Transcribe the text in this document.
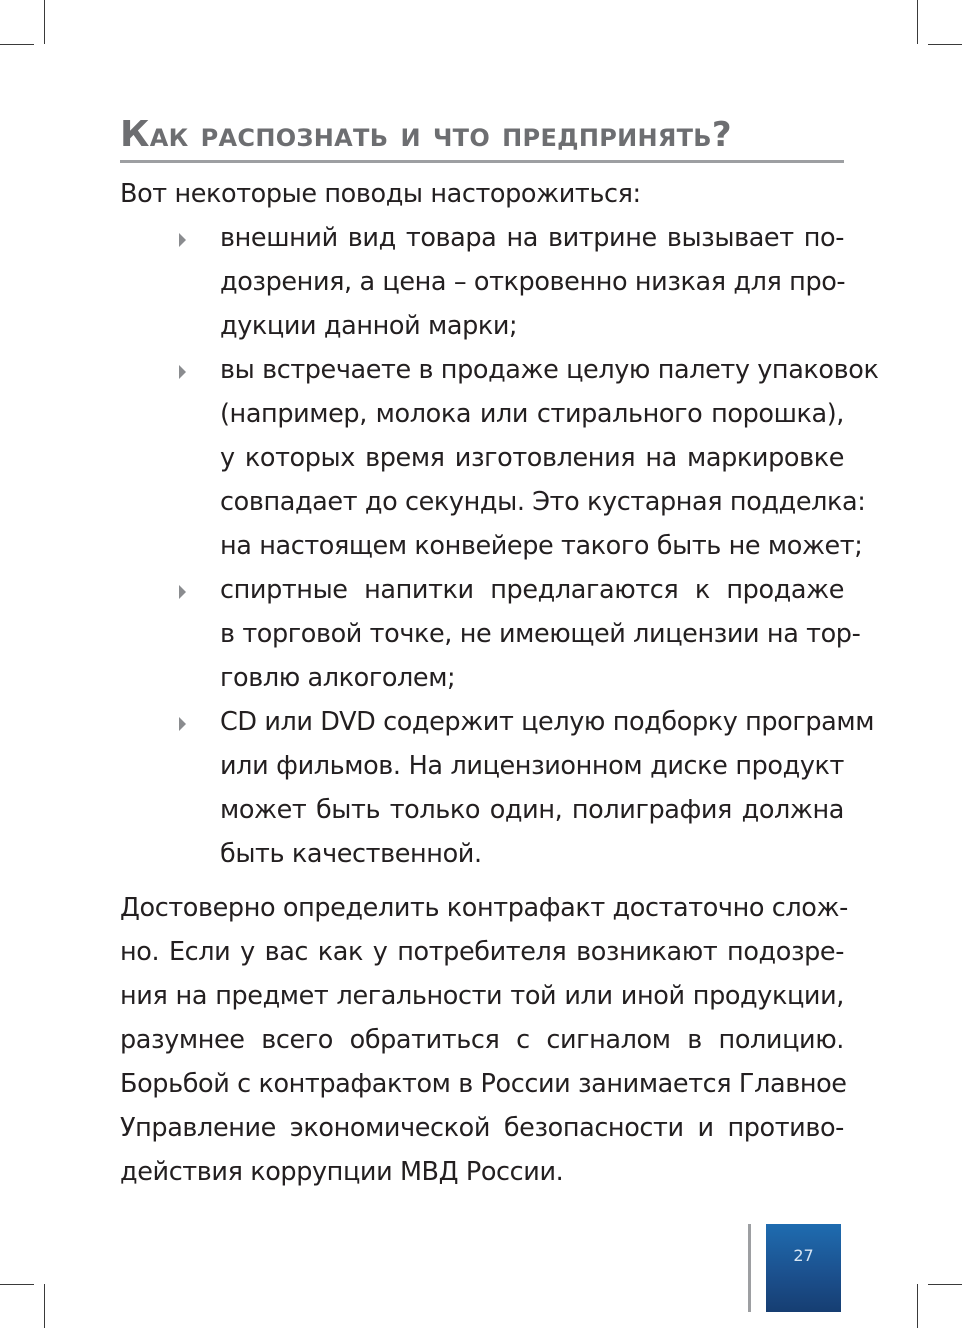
Как распознать и что предпринять?
Вот некоторые поводы насторожиться:
внешний вид товара на витрине вызывает по-
дозрения, а цена – откровенно низкая для про-
дукции данной марки;
вы встречаете в продаже целую палету упаковок
(например, молока или стирального порошка),
у которых время изготовления на маркировке
совпадает до секунды. Это кустарная подделка:
на настоящем конвейере такого быть не может;
спиртные напитки предлагаются к продаже
в торговой точке, не имеющей лицензии на тор-
говлю алкоголем;
CD или DVD содержит целую подборку программ
или фильмов. На лицензионном диске продукт
может быть только один, полиграфия должна
быть качественной.
Достоверно определить контрафакт достаточно слож-
но. Если у вас как у потребителя возникают подозре-
ния на предмет легальности той или иной продукции,
разумнее всего обратиться с сигналом в полицию.
Борьбой с контрафактом в России занимается Главное
Управление экономической безопасности и противо-
действия коррупции МВД России.
27
